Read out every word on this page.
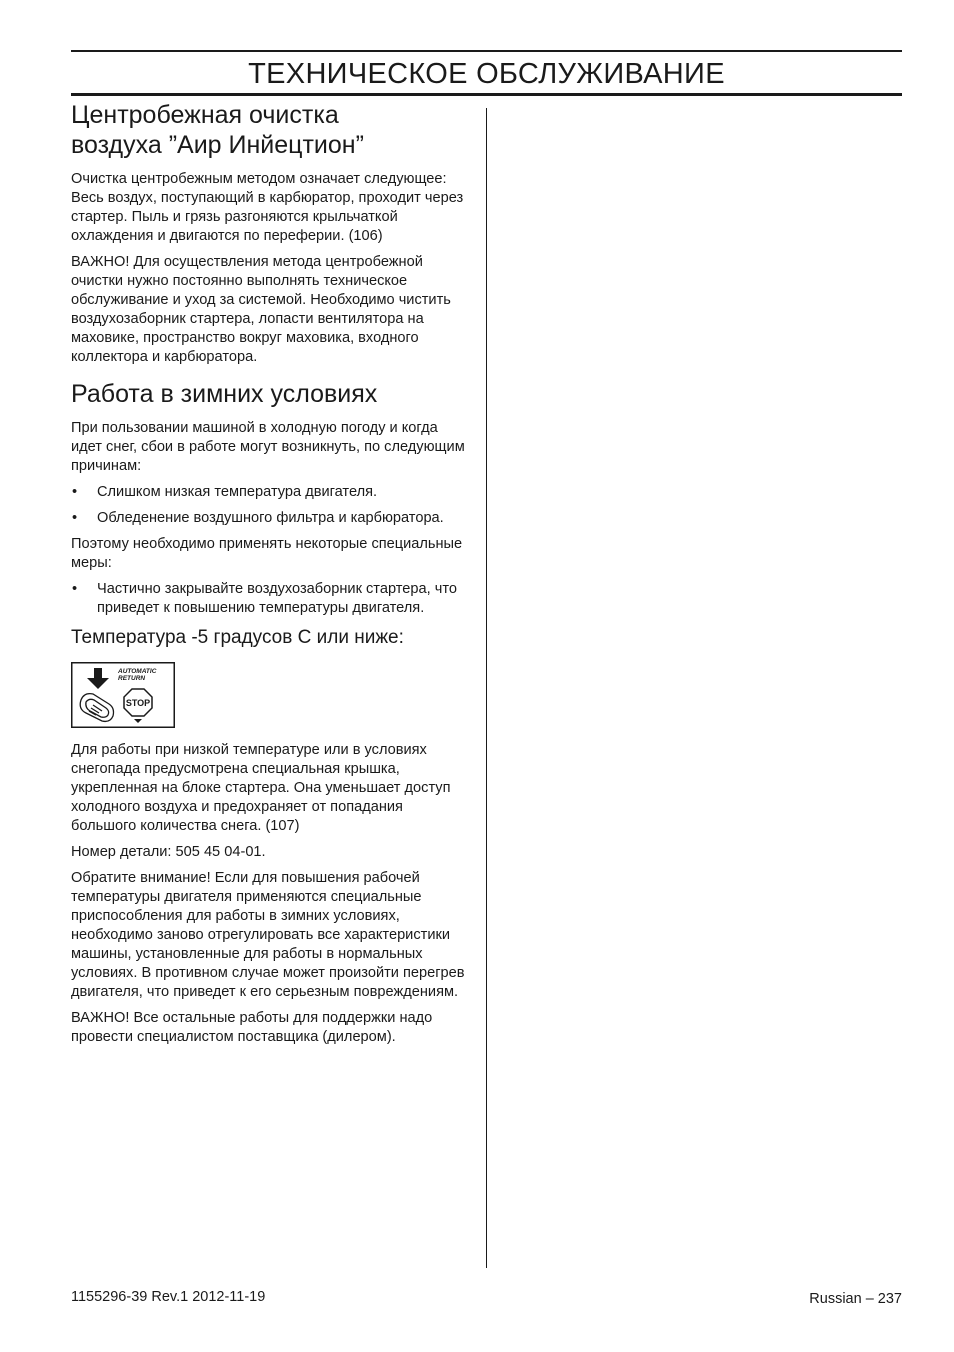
ТЕХНИЧЕСКОЕ ОБСЛУЖИВАНИЕ
Центробежная очистка
воздуха ”Аир Инйецтион”

Очистка центробежным методом означает следующее: Весь воздух, поступающий в карбюратор, проходит через стартер. Пыль и грязь разгоняются крыльчаткой охлаждения и двигаются по перефeрии. (106)

ВАЖНО! Для осуществления метода центробежной очистки нужно постоянно выполнять техническое обслуживание и уход за системой. Необходимо чистить воздухозаборник стартера, лопасти вентилятора на маховике, пространство вокруг маховика, входного коллектора и карбюратора.

Работа в зимних условиях

При пользовании машиной в холодную погоду и когда идет снег, сбои в работе могут возникнуть, по следующим причинам:

• Слишком низкая температура двигателя.
• Обледенение воздушного фильтра и карбюратора.

Поэтому необходимо применять некоторые специальные меры:

• Частично закрывайте воздухозаборник стартера, что приведет к повышению температуры двигателя.
Температура -5 градусов С или ниже:
AUTOMATIC
RETURN
STOP

Для работы при низкой температуре или в условиях снегопада предусмотрена специальная крышка, укрепленная на блоке стартера. Она уменьшает доступ холодного воздуха и предохраняет от попадания большого количества снега. (107)

Номер детали: 505 45 04-01.

Обратите внимание! Если для повышения рабочей температуры двигателя применяются специальные приспособления для работы в зимних условиях, необходимо заново отрегулировать все характеристики машины, установленные для работы в нормальных условиях. В противном случае может произойти перегрев двигателя, что приведет к его серьезным повреждениям.

ВАЖНО! Все остальные работы для поддержки надо провести специалистом поставщика (дилером).

1155296-39 Rev.1 2012-11-19	Russian – 237
